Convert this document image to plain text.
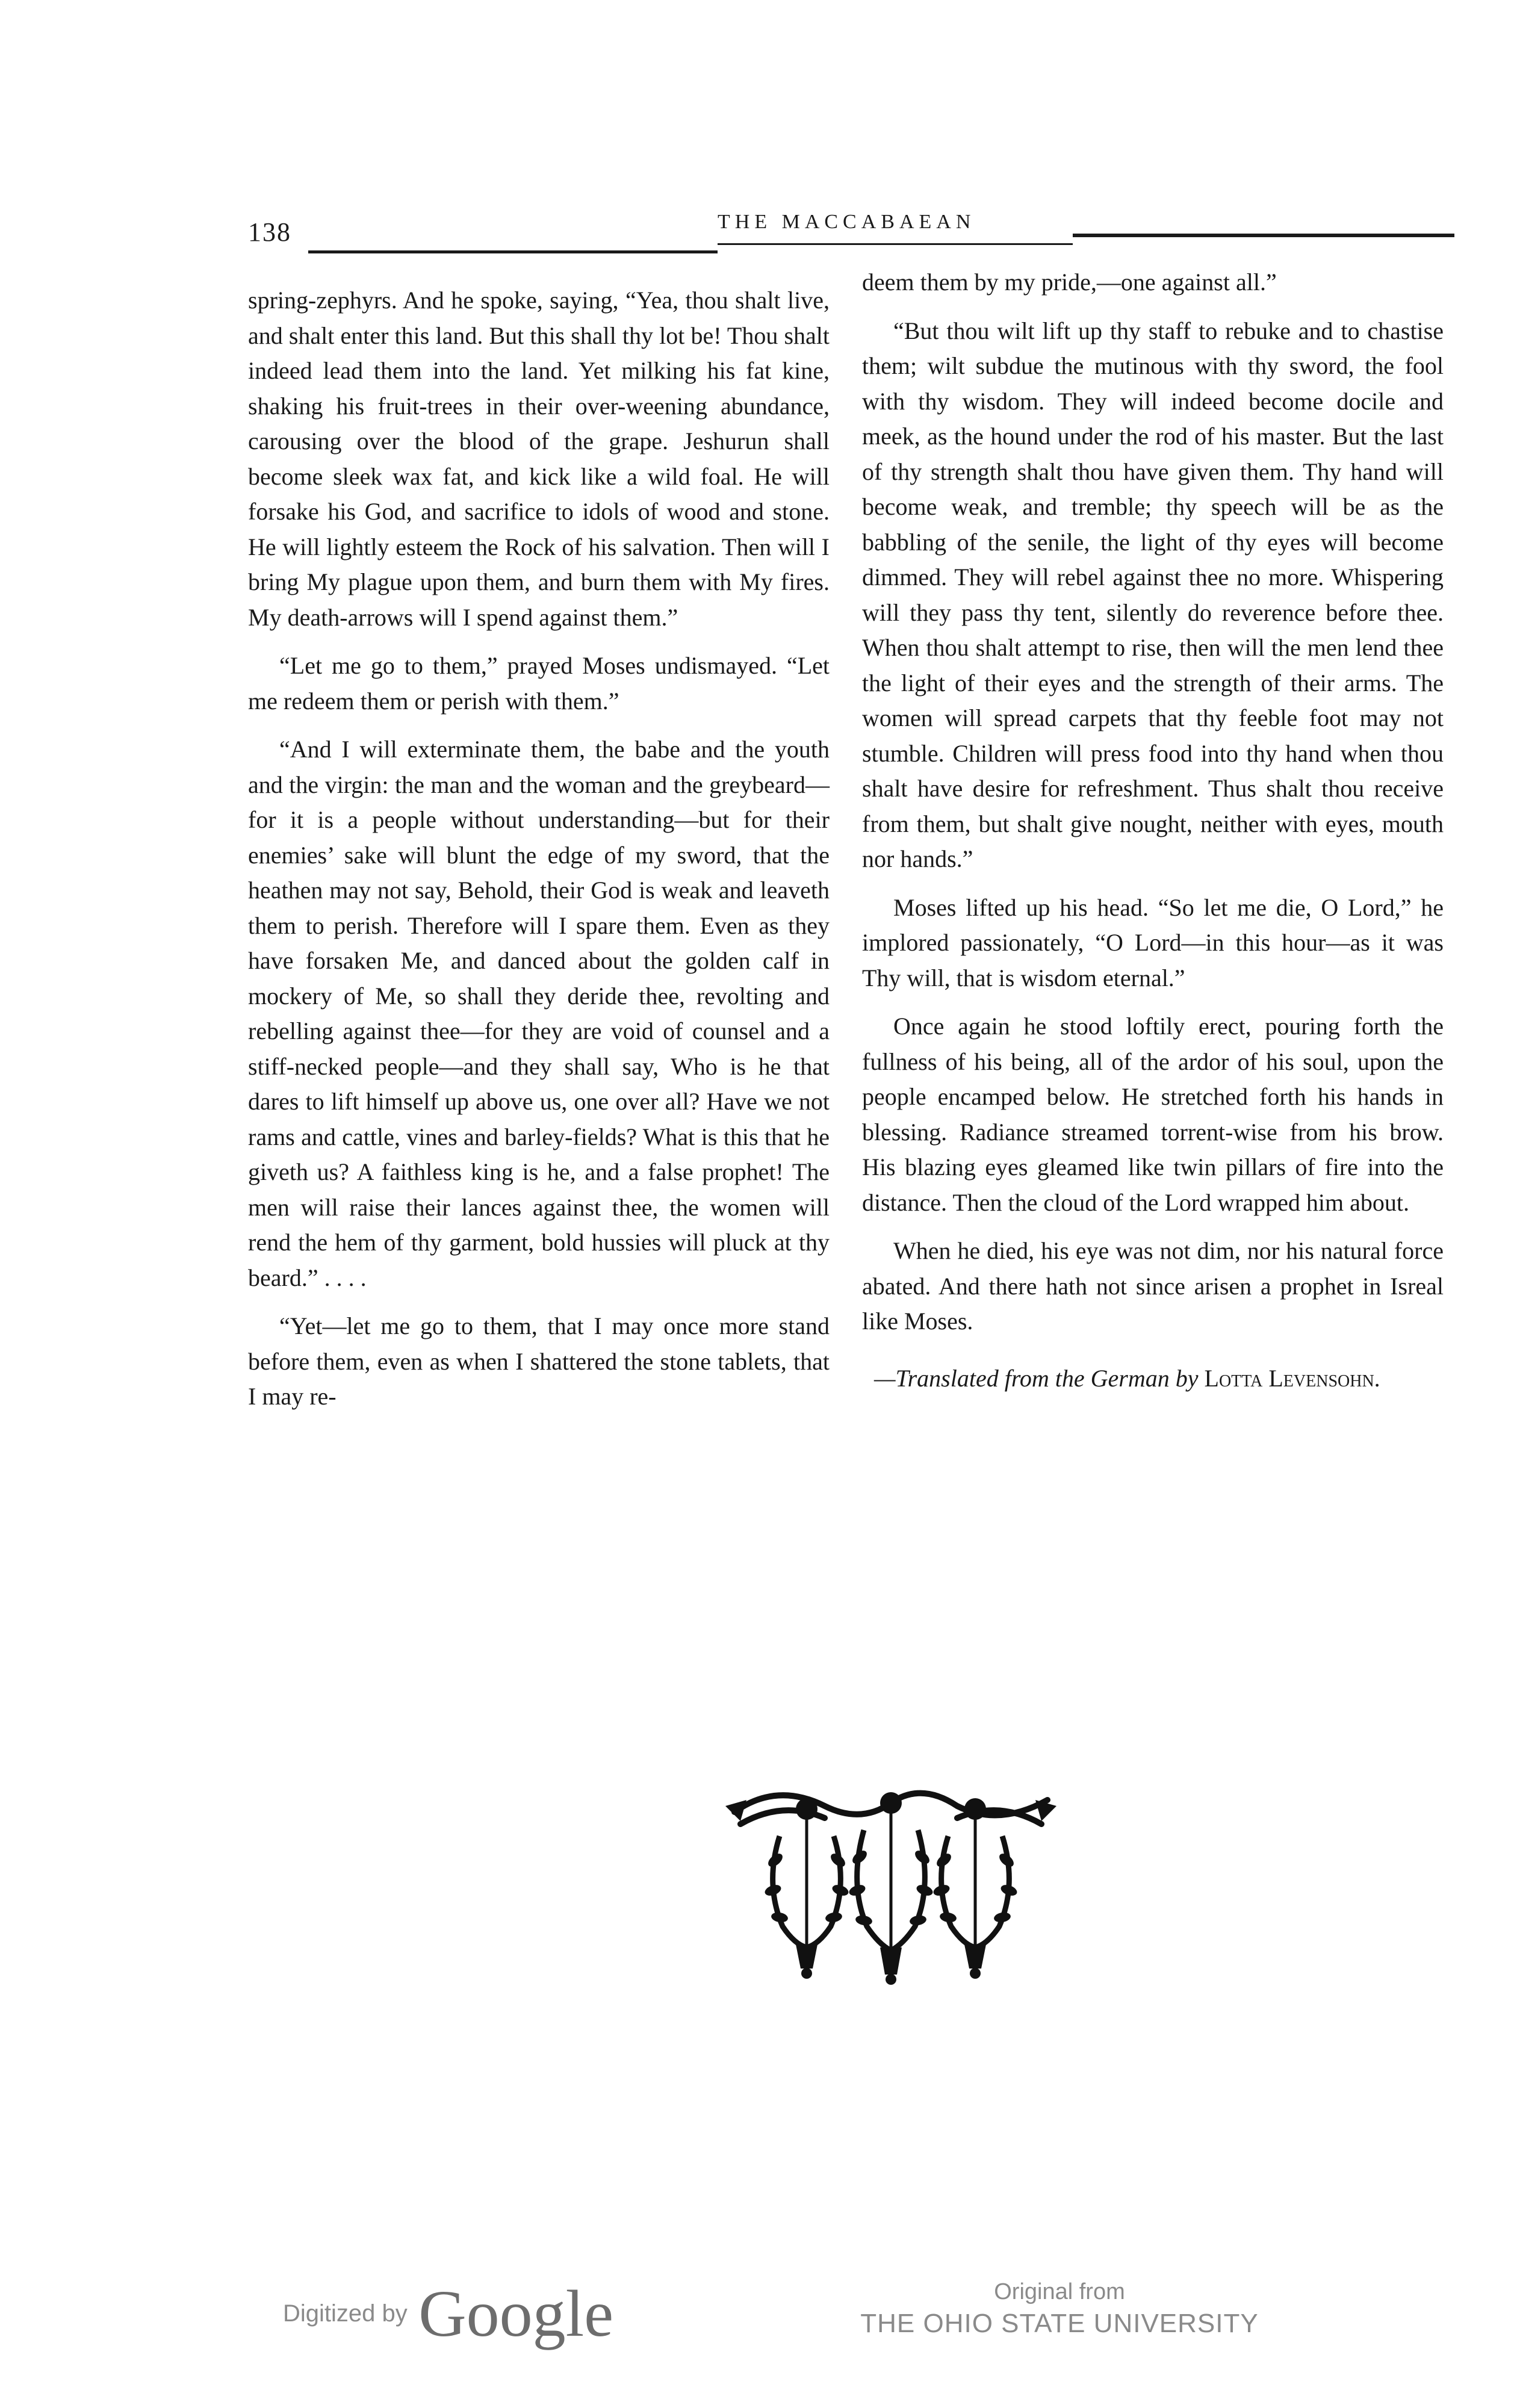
138	THE MACCABAEAN

spring-zephyrs. And he spoke, saying, “Yea, thou shalt live, and shalt enter this land. But this shall thy lot be! Thou shalt indeed lead them into the land. Yet milking his fat kine, shaking his fruit-trees in their over-weening abundance, carousing over the blood of the grape. Jeshurun shall become sleek wax fat, and kick like a wild foal. He will forsake his God, and sacrifice to idols of wood and stone. He will lightly esteem the Rock of his salvation. Then will I bring My plague upon them, and burn them with My fires. My death-arrows will I spend against them.”

“Let me go to them,” prayed Moses undismayed. “Let me redeem them or perish with them.”

“And I will exterminate them, the babe and the youth and the virgin: the man and the woman and the greybeard—for it is a people without understanding—but for their enemies’ sake will blunt the edge of my sword, that the heathen may not say, Behold, their God is weak and leaveth them to perish. Therefore will I spare them. Even as they have forsaken Me, and danced about the golden calf in mockery of Me, so shall they deride thee, revolting and rebelling against thee—for they are void of counsel and a stiff-necked people—and they shall say, Who is he that dares to lift himself up above us, one over all? Have we not rams and cattle, vines and barley-fields? What is this that he giveth us? A faithless king is he, and a false prophet! The men will raise their lances against thee, the women will rend the hem of thy garment, bold hussies will pluck at thy beard.” . . . .

“Yet—let me go to them, that I may once more stand before them, even as when I shattered the stone tablets, that I may re-

deem them by my pride,—one against all.”

“But thou wilt lift up thy staff to rebuke and to chastise them; wilt subdue the mutinous with thy sword, the fool with thy wisdom. They will indeed become docile and meek, as the hound under the rod of his master. But the last of thy strength shalt thou have given them. Thy hand will become weak, and tremble; thy speech will be as the babbling of the senile, the light of thy eyes will become dimmed. They will rebel against thee no more. Whispering will they pass thy tent, silently do reverence before thee. When thou shalt attempt to rise, then will the men lend thee the light of their eyes and the strength of their arms. The women will spread carpets that thy feeble foot may not stumble. Children will press food into thy hand when thou shalt have desire for refreshment. Thus shalt thou receive from them, but shalt give nought, neither with eyes, mouth nor hands.”

Moses lifted up his head. “So let me die, O Lord,” he implored passionately, “O Lord—in this hour—as it was Thy will, that is wisdom eternal.”

Once again he stood loftily erect, pouring forth the fullness of his being, all of the ardor of his soul, upon the people encamped below. He stretched forth his hands in blessing. Radiance streamed torrent-wise from his brow. His blazing eyes gleamed like twin pillars of fire into the distance. Then the cloud of the Lord wrapped him about.

When he died, his eye was not dim, nor his natural force abated. And there hath not since arisen a prophet in Isreal like Moses.

—Translated from the German by Lotta Levensohn.

Digitized by Google	Original from
THE OHIO STATE UNIVERSITY
